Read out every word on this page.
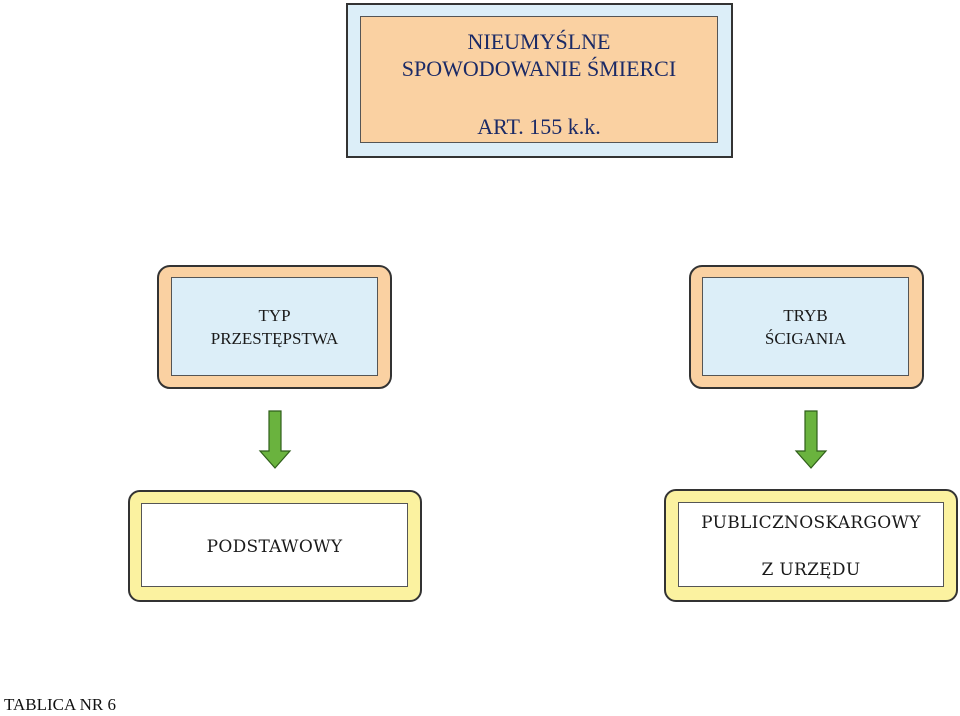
NIEUMYŚLNE
SPOWODOWANIE ŚMIERCI
ART. 155 k.k.
TYP
PRZESTĘPSTWA
TRYB
ŚCIGANIA
PODSTAWOWY
PUBLICZNOSKARGOWY
Z URZĘDU
TABLICA NR 6
